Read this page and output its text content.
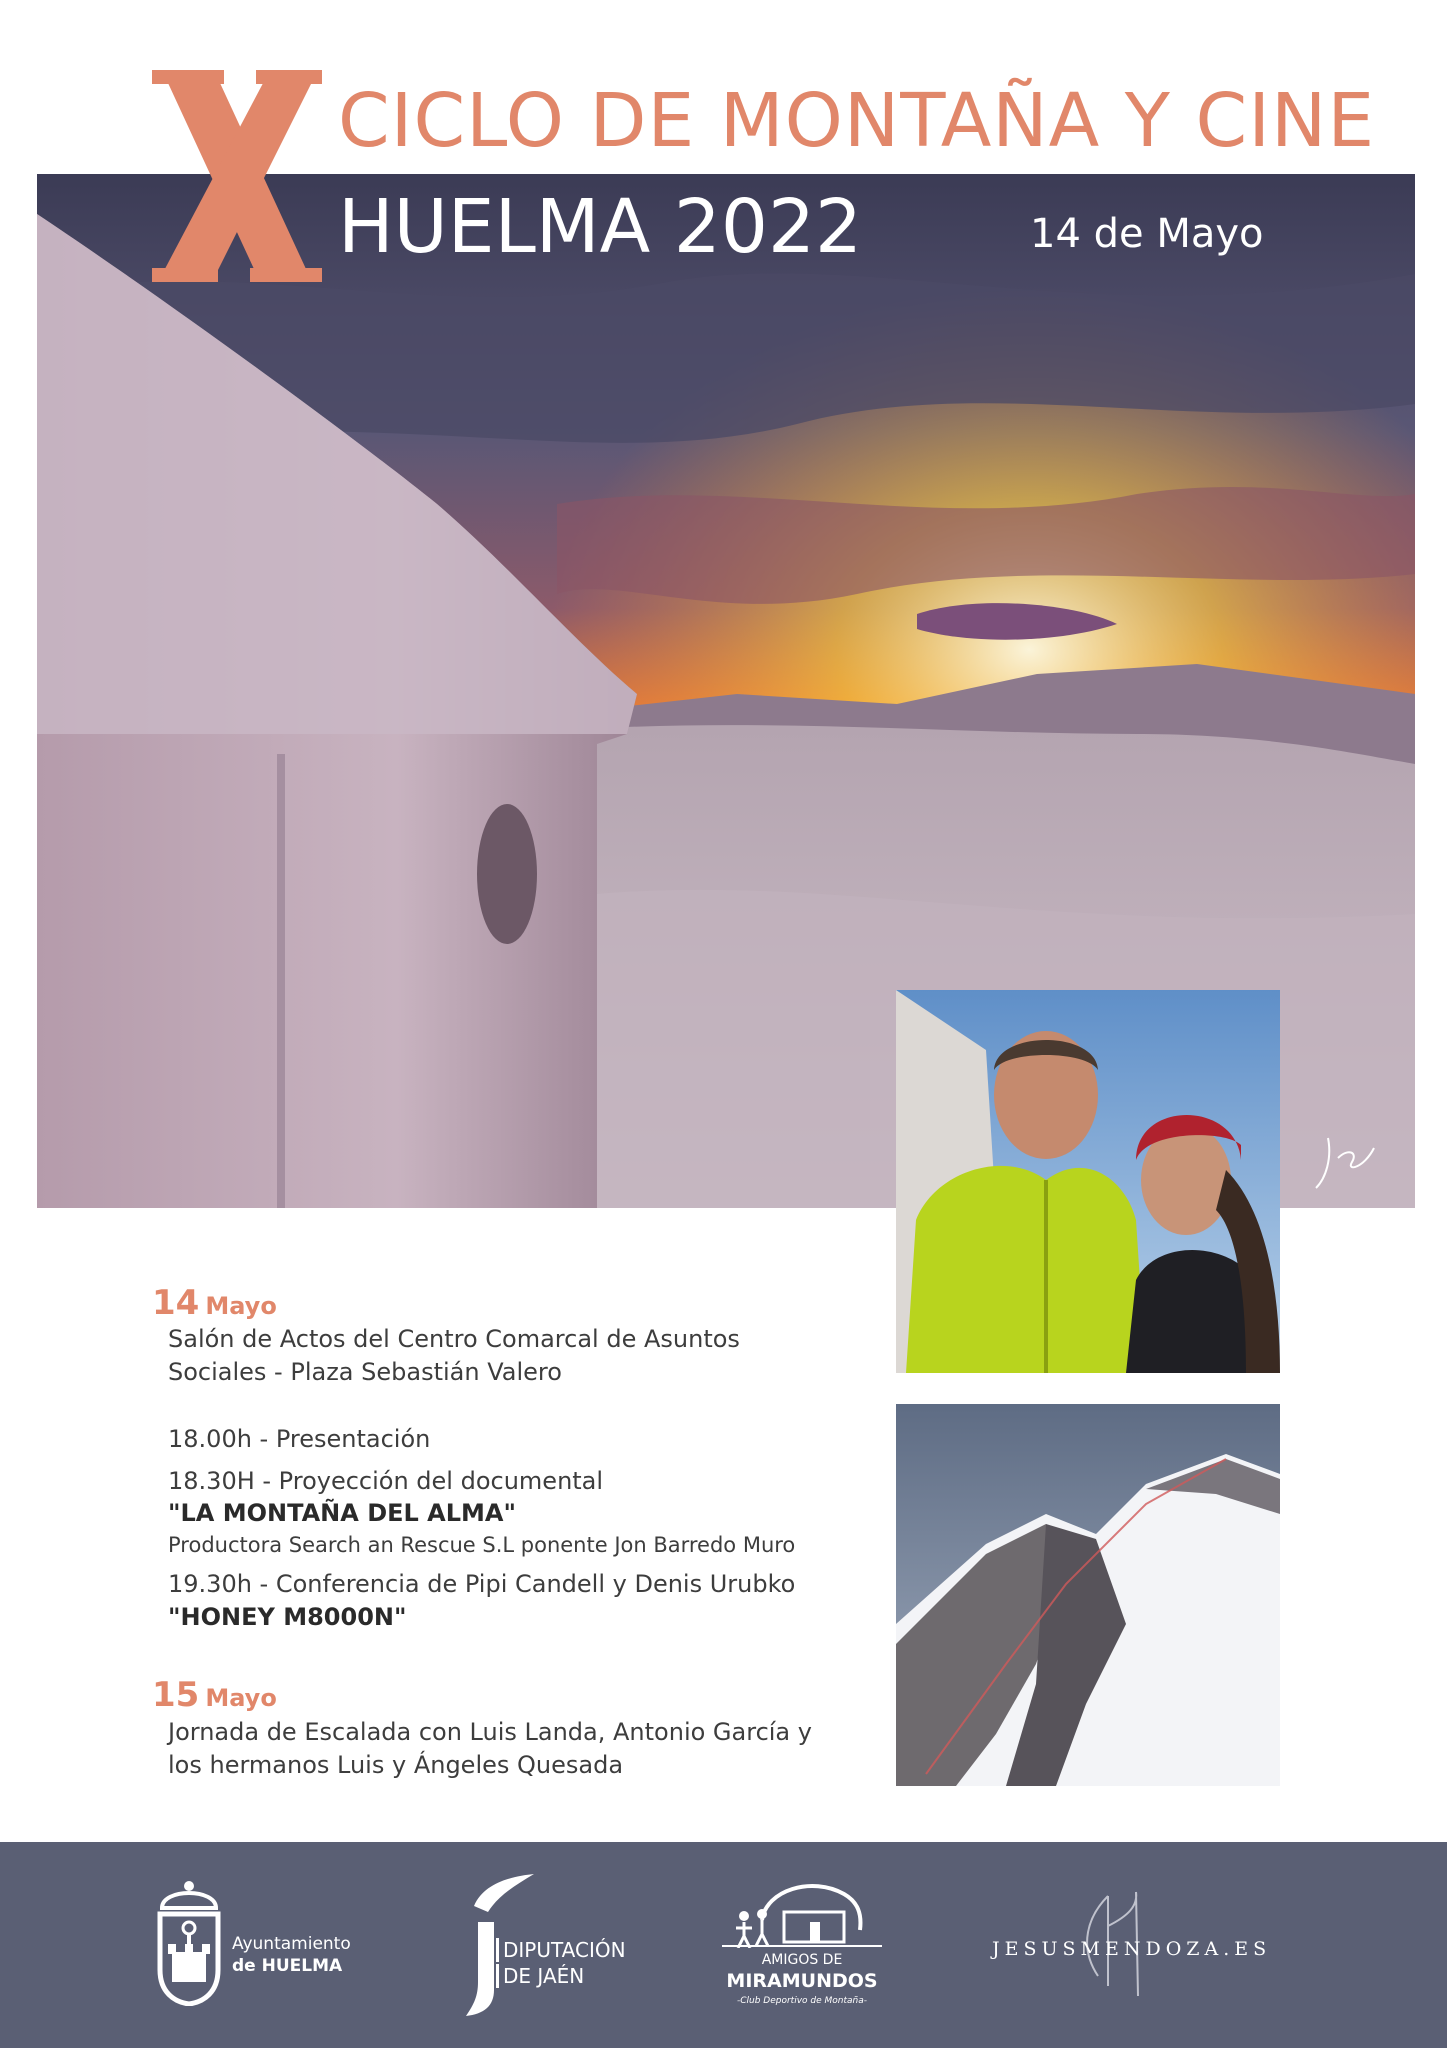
CICLO DE MONTAÑA Y CINE
HUELMA 2022	14 de Mayo
14 Mayo
Salón de Actos del Centro Comarcal de Asuntos
Sociales - Plaza Sebastián Valero
18.00h - Presentación
18.30H - Proyección del documental
"LA MONTAÑA DEL ALMA"
Productora Search an Rescue S.L ponente Jon Barredo Muro
19.30h - Conferencia de Pipi Candell y Denis Urubko
"HONEY M8000N"
15 Mayo
Jornada de Escalada con Luis Landa, Antonio García y
los hermanos Luis y Ángeles Quesada
Ayuntamiento
de HUELMA
DIPUTACIÓN
DE JAÉN
AMIGOS DE
MIRAMUNDOS
-Club Deportivo de Montaña-
JESUSMENDOZA.ES
